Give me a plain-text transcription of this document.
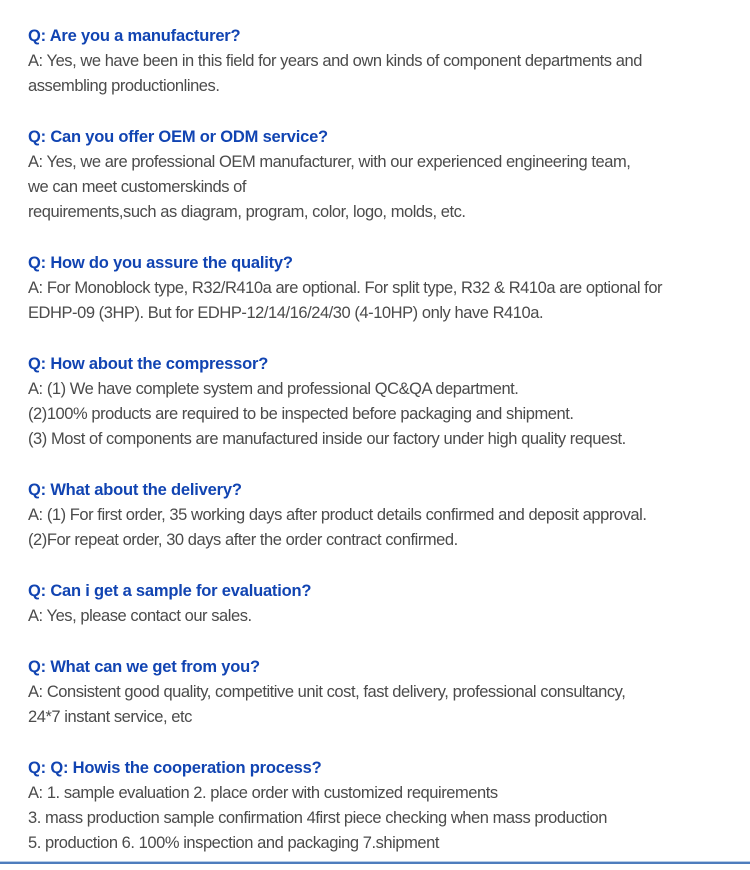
Q: Are you a manufacturer?
A: Yes, we have been in this field for years and own kinds of component departments and
assembling productionlines.
Q: Can you offer OEM or ODM service?
A: Yes, we are professional OEM manufacturer, with our experienced engineering team,
we can meet customerskinds of
requirements,such as diagram, program, color, logo, molds, etc.
Q: How do you assure the quality?
A: For Monoblock type, R32/R410a are optional. For split type, R32 & R410a are optional for
EDHP-09 (3HP). But for EDHP-12/14/16/24/30 (4-10HP) only have R410a.
Q: How about the compressor?
A: (1) We have complete system and professional QC&QA department.
(2)100% products are required to be inspected before packaging and shipment.
(3) Most of components are manufactured inside our factory under high quality request.
Q: What about the delivery?
A: (1) For first order, 35 working days after product details confirmed and deposit approval.
(2)For repeat order, 30 days after the order contract confirmed.
Q: Can i get a sample for evaluation?
A: Yes, please contact our sales.
Q: What can we get from you?
A: Consistent good quality, competitive unit cost, fast delivery, professional consultancy,
24*7 instant service, etc
Q: Q: Howis the cooperation process?
A: 1. sample evaluation 2. place order with customized requirements
3. mass production sample confirmation 4first piece checking when mass production
5. production 6. 100% inspection and packaging 7.shipment
